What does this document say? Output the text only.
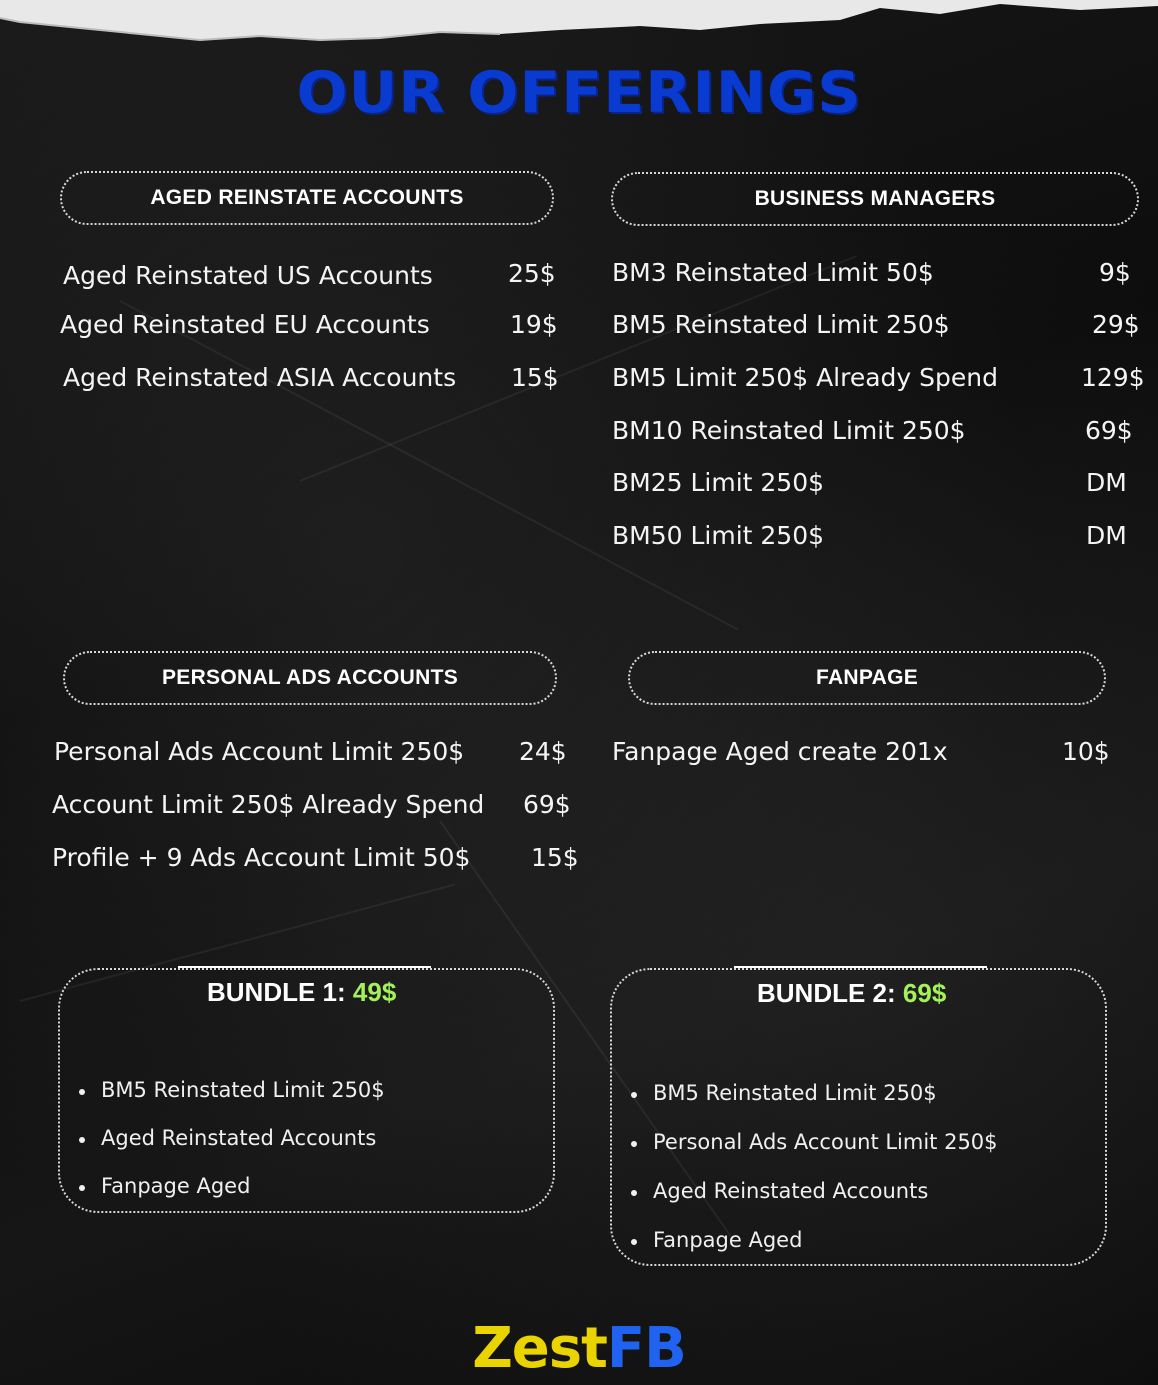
OUR OFFERINGS
AGED REINSTATE ACCOUNTS	BUSINESS MANAGERS
PERSONAL ADS ACCOUNTS	FANPAGE
Aged Reinstated US Accounts	25$
Aged Reinstated EU Accounts	19$
Aged Reinstated ASIA Accounts 15$
BM3 Reinstated Limit 50$	9$
BM5 Reinstated Limit 250$	29$
BM5 Limit 250$ Already Spend	129$
BM10 Reinstated Limit 250$	69$
BM25 Limit 250$	DM
BM50 Limit 250$	DM
Personal Ads Account Limit 250$ 24$
Account Limit 250$ Already Spend 69$
Profile + 9 Ads Account Limit 50$ 15$
Fanpage Aged create 201x	10$
BUNDLE 1: 49$
BM5 Reinstated Limit 250$
Aged Reinstated Accounts
Fanpage Aged
BUNDLE 2: 69$
BM5 Reinstated Limit 250$
Personal Ads Account Limit 250$
Aged Reinstated Accounts
Fanpage Aged
ZestFB
